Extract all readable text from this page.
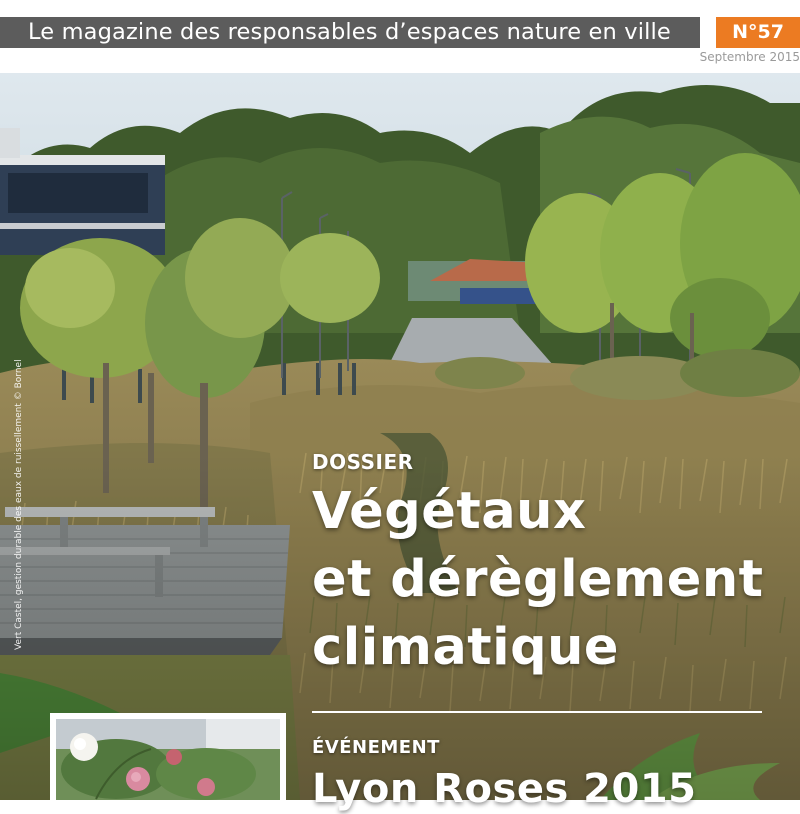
Le magazine des responsables d’espaces nature en ville	N°57
Septembre 2015
Vert Castel, gestion durable des eaux de ruissellement © Bornel	DOSSIER
Végétaux
et dérèglement
climatique
ÉVÉNEMENT
Lyon Roses 2015
